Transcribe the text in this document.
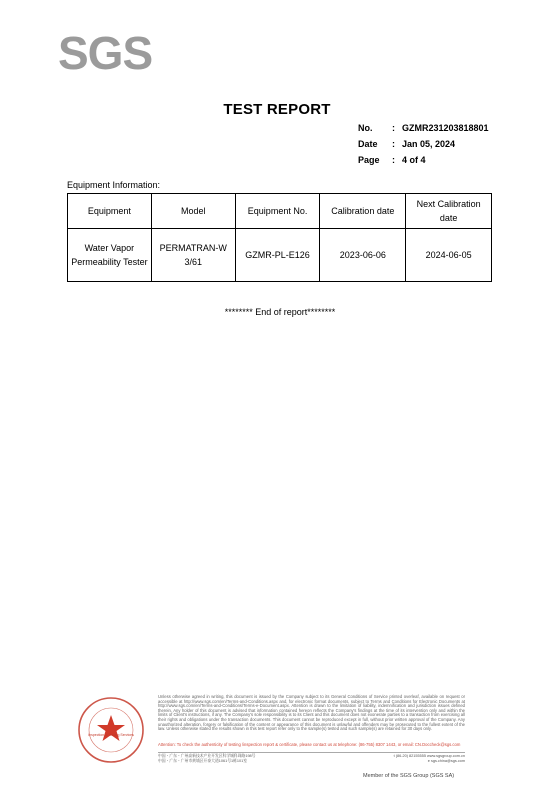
SGS
TEST REPORT
No.	: GZMR231203818801
Date	: Jan 05, 2024
Page	: 4 of 4
Equipment Information:
Equipment	Model	Equipment No.	Calibration date	Next Calibration date
Water Vapor Permeability Tester	PERMATRAN-W 3/61	GZMR-PL-E126	2023-06-06	2024-06-05
******** End of report********
Inspection & Testing Services
Unless otherwise agreed in writing, this document is issued by the Company subject to its General Conditions of Service printed overleaf, available on request or accessible at http://www.sgs.com/en/Terms-and-Conditions.aspx and, for electronic format documents, subject to Terms and Conditions for Electronic Documents at http://www.sgs.com/en/Terms-and-Conditions/Terms-e-Document.aspx. Attention is drawn to the limitation of liability, indemnification and jurisdiction issues defined therein. Any holder of this document is advised that information contained hereon reflects the Company's findings at the time of its intervention only and within the limits of Client's instructions, if any. The Company's sole responsibility is to its Client and this document does not exonerate parties to a transaction from exercising all their rights and obligations under the transaction documents. This document cannot be reproduced except in full, without prior written approval of the Company. Any unauthorized alteration, forgery or falsification of the content or appearance of this document is unlawful and offenders may be prosecuted to the fullest extent of the law. Unless otherwise stated the results shown in this test report refer only to the sample(s) tested and such sample(s) are retained for 30 days only.
Attention: To check the authenticity of testing /inspection report & certificate, please contact us at telephone: (86-755) 8307 1443, or email: CN.Doccheck@sgs.com
中国・广东・广州高新技术产业开发区科学城科珠路198号	t (86-20) 82155555 www.sgsgroup.com.cn
中国・广东・广州市黄埔区开泰大道1061号1栋101室	e sgs.china@sgs.com
Member of the SGS Group (SGS SA)
